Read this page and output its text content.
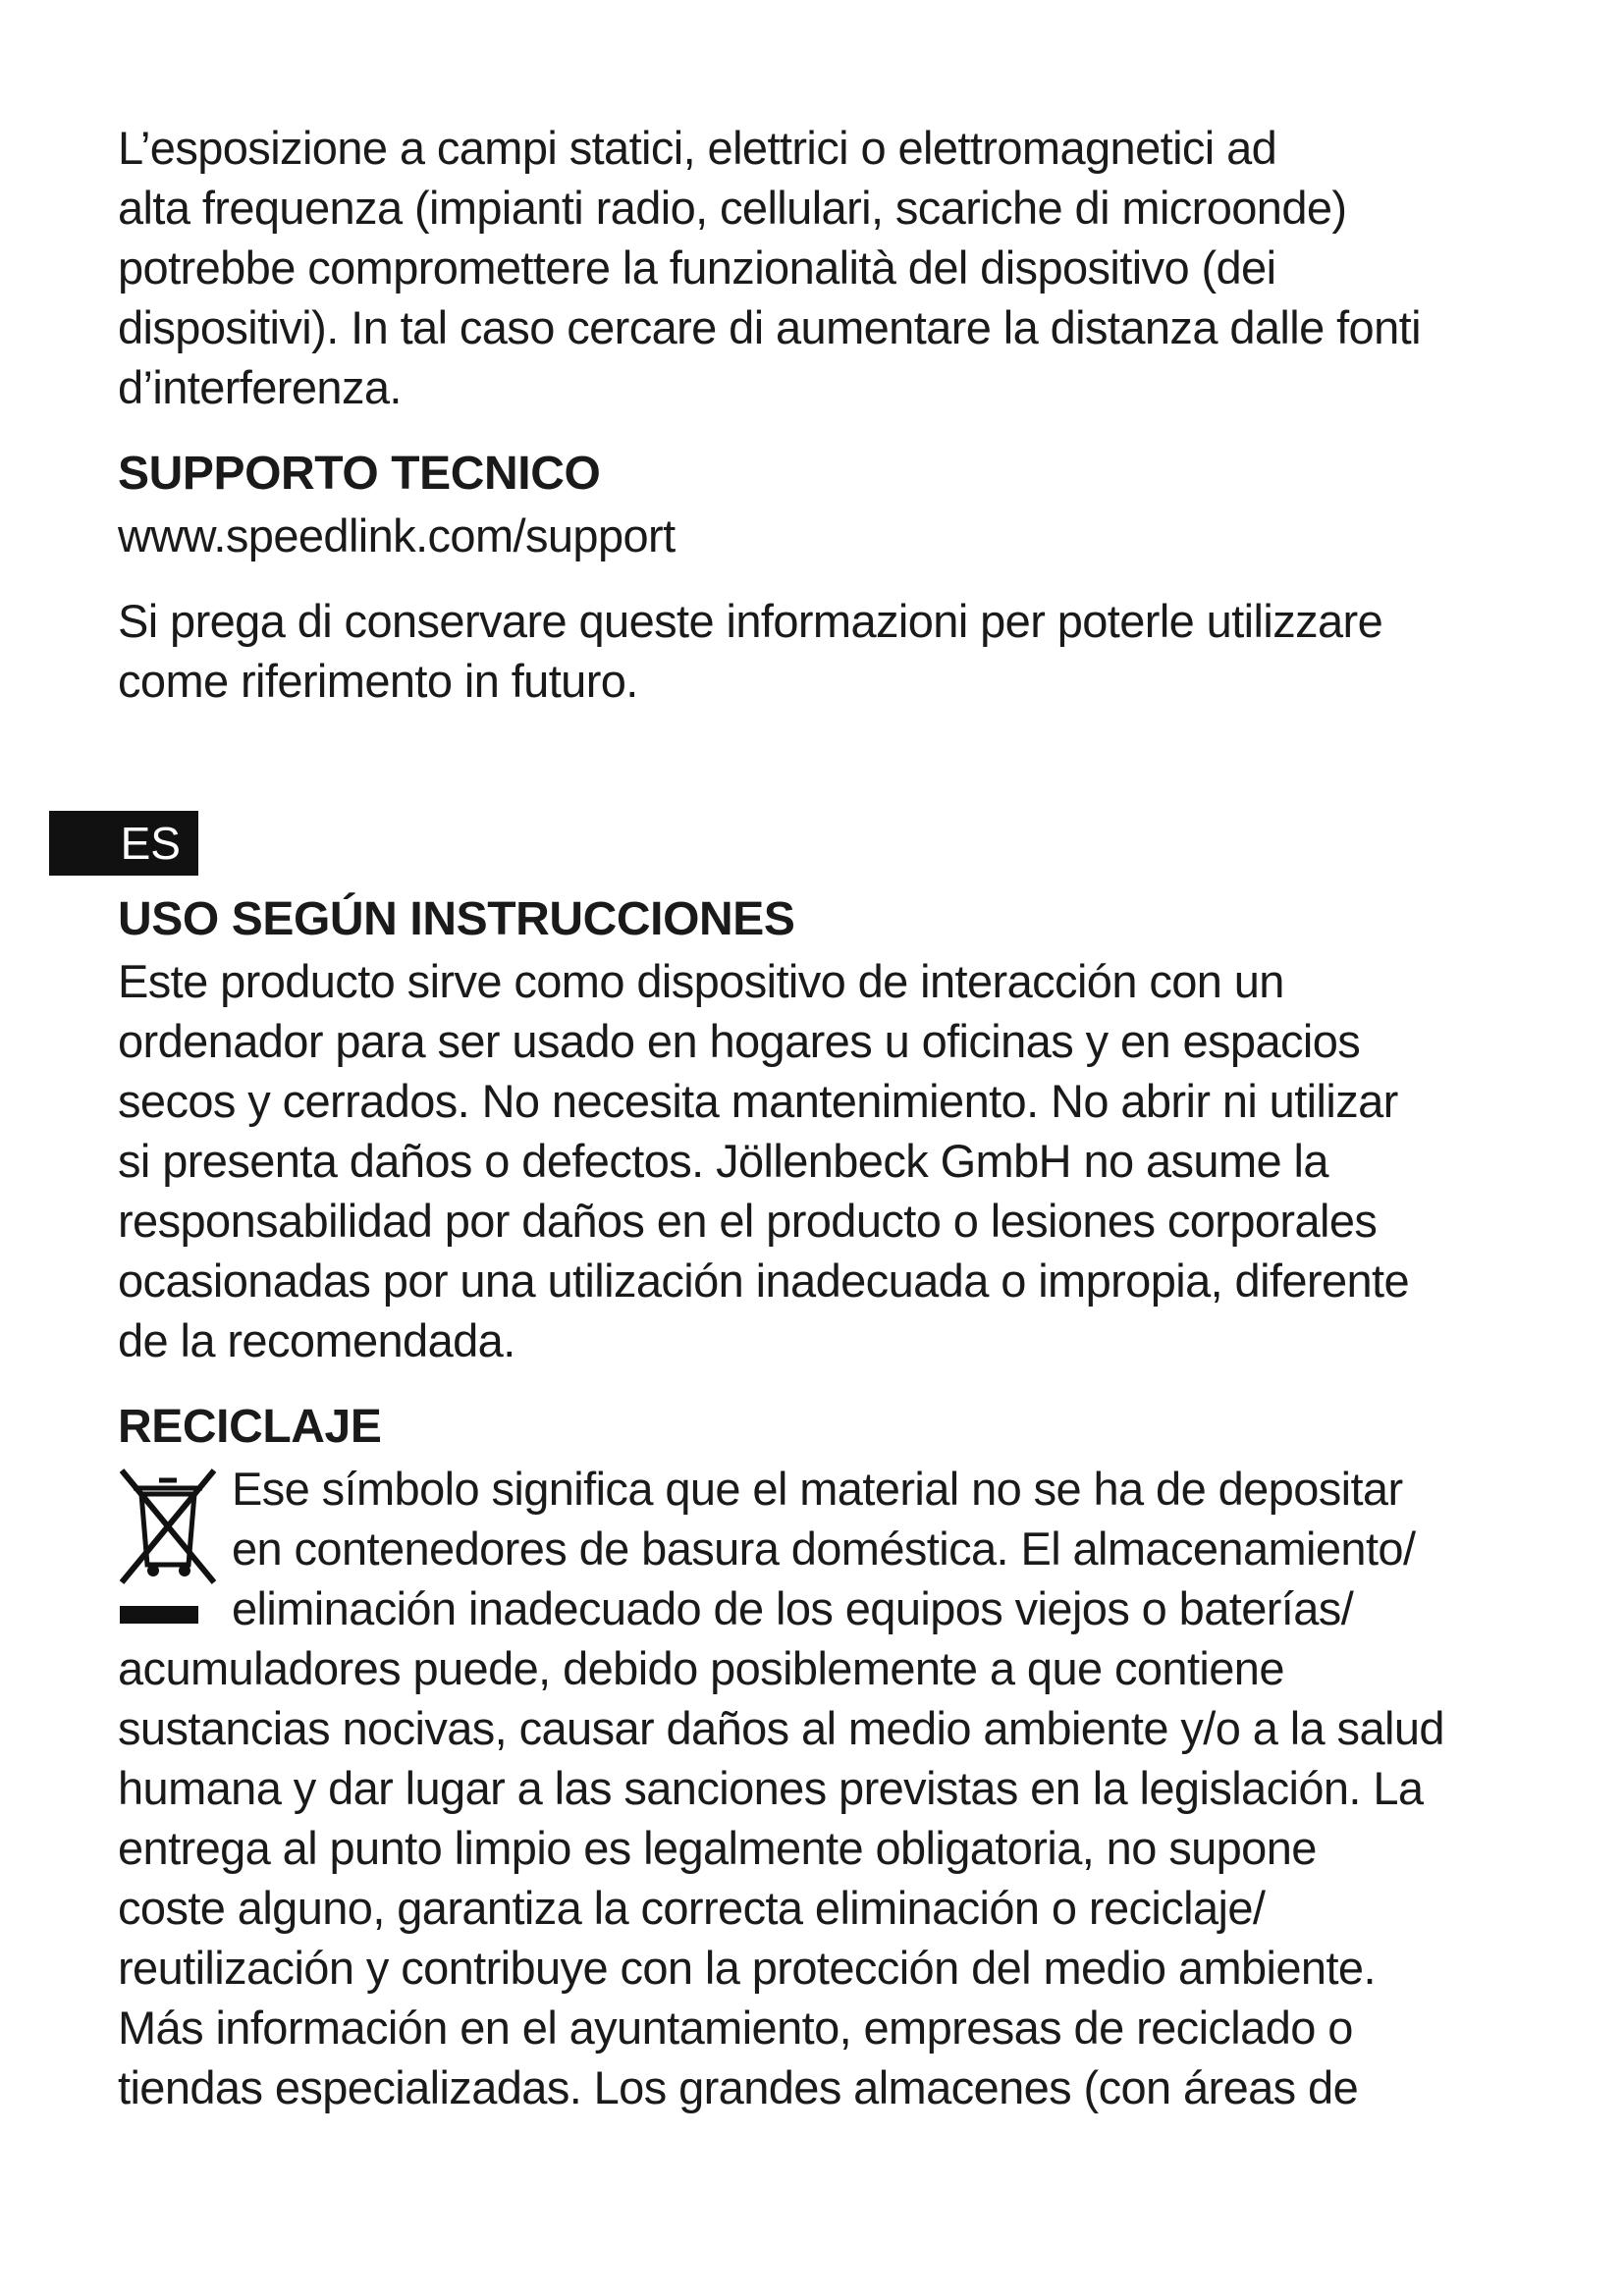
L’esposizione a campi statici, elettrici o elettromagnetici ad

alta frequenza (impianti radio, cellulari, scariche di microonde)

potrebbe compromettere la funzionalità del dispositivo (dei

dispositivi). In tal caso cercare di aumentare la distanza dalle fonti

d’interferenza.

SUPPORTO TECNICO

www.speedlink.com/support

Si prega di conservare queste informazioni per poterle utilizzare

come riferimento in futuro.

ES
USO SEGÚN INSTRUCCIONES

Este producto sirve como dispositivo de interacción con un

ordenador para ser usado en hogares u oficinas y en espacios

secos y cerrados. No necesita mantenimiento. No abrir ni utilizar

si presenta daños o defectos. Jöllenbeck GmbH no asume la

responsabilidad por daños en el producto o lesiones corporales

ocasionadas por una utilización inadecuada o impropia, diferente

de la recomendada.

RECICLAJE

Ese símbolo significa que el material no se ha de depositar

en contenedores de basura doméstica. El almacenamiento/

eliminación inadecuado de los equipos viejos o baterías/

acumuladores puede, debido posiblemente a que contiene

sustancias nocivas, causar daños al medio ambiente y/o a la salud

humana y dar lugar a las sanciones previstas en la legislación. La

entrega al punto limpio es legalmente obligatoria, no supone

coste alguno, garantiza la correcta eliminación o reciclaje/

reutilización y contribuye con la protección del medio ambiente.

Más información en el ayuntamiento, empresas de reciclado o

tiendas especializadas. Los grandes almacenes (con áreas de
